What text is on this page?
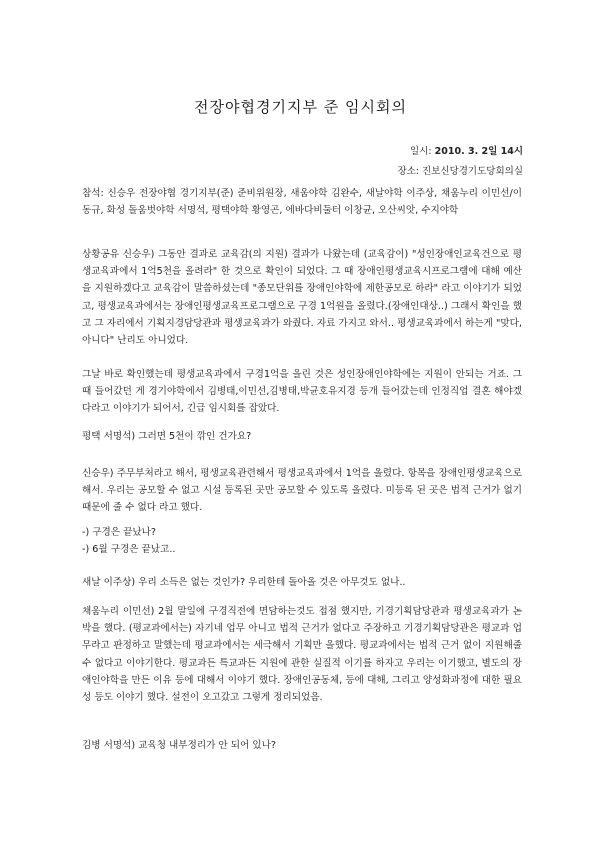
전장야협경기지부 준 임시회의
일시: 2010. 3. 2일 14시
장소: 진보신당경기도당회의실

참석: 신승우 전장야협 경기지부(준) 준비위원장, 새움야학 김완수, 새날야학 이주상, 채움누리 이민선/이동규, 화성 돌움벗야학 서명석, 평택야학 황영곤, 에바다비둘터 이창균, 오산씨앗, 수지야학

상황공유 신승우) 그동안 결과로 교육감(의 지원) 결과가 나왔는데 (교육감이) "성인장애인교육건으로 평생교육과에서 1억5천을 올려라" 한 것으로 확인이 되었다. 그 때 장애인평생교육시프로그램에 대해 예산을 지원하겠다고 교육감이 말씀하셨는데 "종모단위를 장애인야학에 제한공모로 하라" 라고 이야기가 되었고, 평생교육과에서는 장애인평생교육프로그램으로 구경 1억원을 올렸다.(장애인대상..) 그래서 확인을 했고 그 자리에서 기획지경담당관과 평생교육과가 와줬다. 자료 가지고 와서.. 평생교육과에서 하는게 "맞다, 아니다" 난리도 아니었다.

그날 바로 확인했는데 평생교육과에서 구경1억을 올린 것은 성인장애인야학에는 지원이 안되는 거죠. 그 때 들어갔던 게 경기야학에서 김병태,이민선,김병태,박균호유지경 등개 들어갔는데 인정직업 결혼 해야겠다라고 이야기가 되어서, 긴급 임시회를 잡았다.

평택 서명석) 그러면 5천이 깎인 건가요?

신승우) 주무부처라고 해서, 평생교육관련해서 평생교육과에서 1억을 올렸다. 항목을 장애인평생교육으로 해서. 우리는 공모할 수 없고 시설 등록된 곳만 공모할 수 있도록 올렸다. 미등록 된 곳은 법적 근거가 없기 때문에 줄 수 없다 라고 했다.

-) 구경은 끝났나?

-) 6월 구경은 끝났고..

새날 이주상) 우리 소득은 없는 것인가? 우리한테 돌아올 것은 아무것도 없나..

채움누리 이민선) 2월 말일에 구경직전에 면담하는것도 접점 했지만, 기경기획담당관과 평생교육과가 논박을 했다. (평교과에서는) 자기네 업무 아니고 법적 근거가 없다고 주장하고 기경기획담당관은 평교과 업무라고 판정하고 말했는데 평교과에서는 세극해서 기획만 올했다. 평교과에서는 법적 근거 없이 지원해줄 수 없다고 이야기한다. 평교과든 특교과든 지원에 관한 실질적 이기를 하자고 우리는 이기했고, 별도의 장애인야학을 만든 이유 등에 대해서 이야기 했다. 장애인공동체, 등에 대해, 그리고 양성화과정에 대한 필요성 등도 이야기 했다. 설전이 오고갔고 그렇게 정리되었음.

김병 서명석) 교육청 내부정리가 안 되어 있나?
